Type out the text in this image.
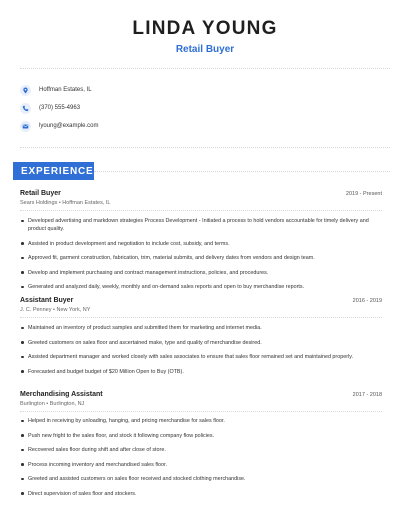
LINDA YOUNG
Retail Buyer
Hoffman Estates, IL
(370) 555-4963
lyoung@example.com
EXPERIENCE
Retail Buyer	2019 - Present
Sears Holdings • Hoffman Estates, IL
Developed advertising and markdown strategies Process Development - Initiated a process to hold vendors accountable for timely delivery and product quality.
Assisted in product development and negotiation to include cost, subsidy, and terms.
Approved fit, garment construction, fabrication, trim, material submits, and delivery dates from vendors and design team.
Develop and implement purchasing and contract management instructions, policies, and procedures.
Generated and analyzed daily, weekly, monthly and on-demand sales reports and open to buy merchandise reports.
Assistant Buyer	2016 - 2019
J. C. Penney • New York, NY
Maintained an inventory of product samples and submitted them for marketing and internet media.
Greeted customers on sales floor and ascertained make, type and quality of merchandise desired.
Assisted department manager and worked closely with sales associates to ensure that sales floor remained set and maintained properly.
Forecasted and budget budget of $20 Million Open to Buy (OTB).
Merchandising Assistant	2017 - 2018
Burlington • Burlington, NJ
Helped in receiving by unloading, hanging, and pricing merchandise for sales floor.
Push new fright to the sales floor, and stock it following company flow policies.
Recovered sales floor during shift and after close of store.
Process incoming inventory and merchandised sales floor.
Greeted and assisted customers on sales floor received and stocked clothing merchandise.
Direct supervision of sales floor and stockers.
